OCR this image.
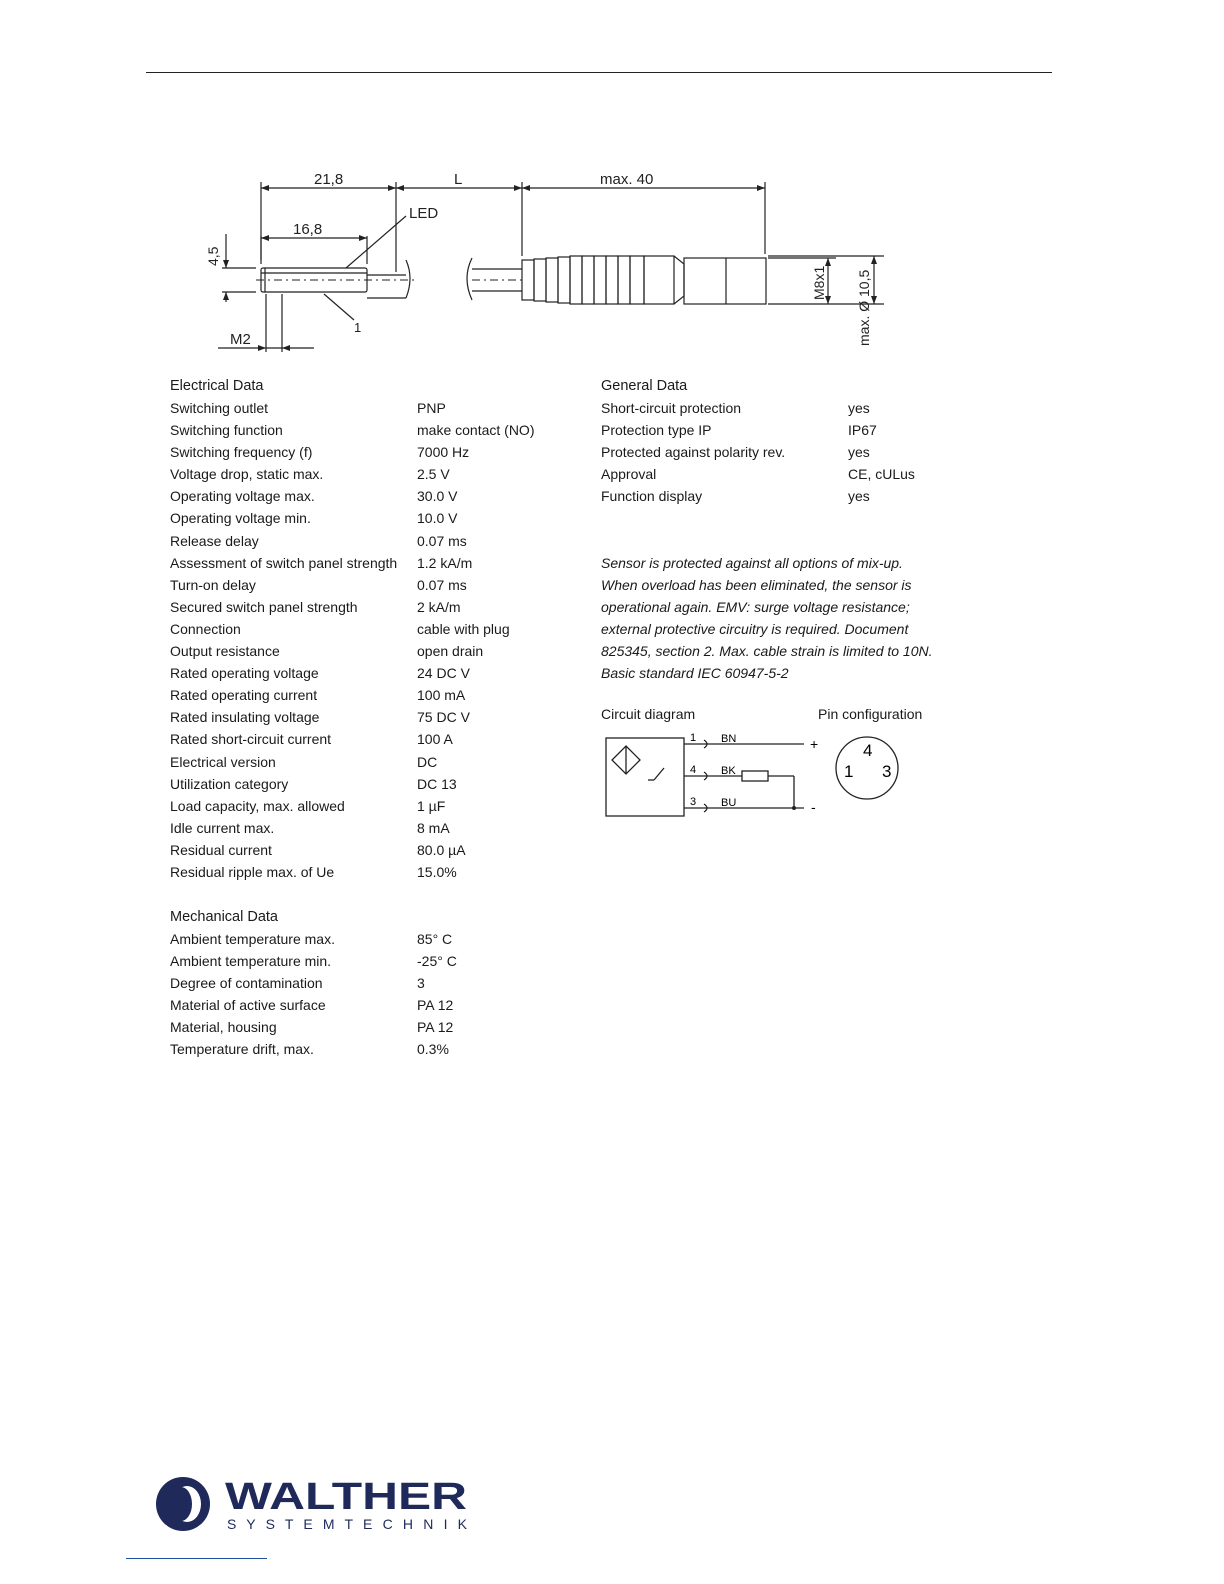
21,8	L	max. 40
LED
16,8
4,5
1
M2
M8x1 max. Ø 10,5
Electrical Data
Switching outlet	PNP
Switching function	make contact (NO)
Switching frequency (f)	7000 Hz
Voltage drop, static max.	2.5 V
Operating voltage max.	30.0 V
Operating voltage min.	10.0 V
Release delay	0.07 ms
Assessment of switch panel strength 1.2 kA/m
Turn-on delay	0.07 ms
Secured switch panel strength	2 kA/m
Connection	cable with plug
Output resistance	open drain
Rated operating voltage	24 DC V
Rated operating current	100 mA
Rated insulating voltage	75 DC V
Rated short-circuit current	100 A
Electrical version	DC
Utilization category	DC 13
Load capacity, max. allowed	1 µF
Idle current max.	8 mA
Residual current	80.0 µA
Residual ripple max. of Ue	15.0%
Mechanical Data
Ambient temperature max.	85° C
Ambient temperature min.	-25° C
Degree of contamination	3
Material of active surface	PA 12
Material, housing	PA 12
Temperature drift, max.	0.3%
General Data
Short-circuit protection	yes
Protection type IP	IP67
Protected against polarity rev.	yes
Approval	CE, cULus
Function display	yes
Sensor is protected against all options of mix-up.
When overload has been eliminated, the sensor is
operational again. EMV: surge voltage resistance;
external protective circuitry is required. Document
825345, section 2. Max. cable strain is limited to 10N.
Basic standard IEC 60947-5-2
Circuit diagram
1
4
3
BN
BK
BU
+
-
Pin configuration
4
1 3
WALTHER
S Y S T E M T E C H N I K
